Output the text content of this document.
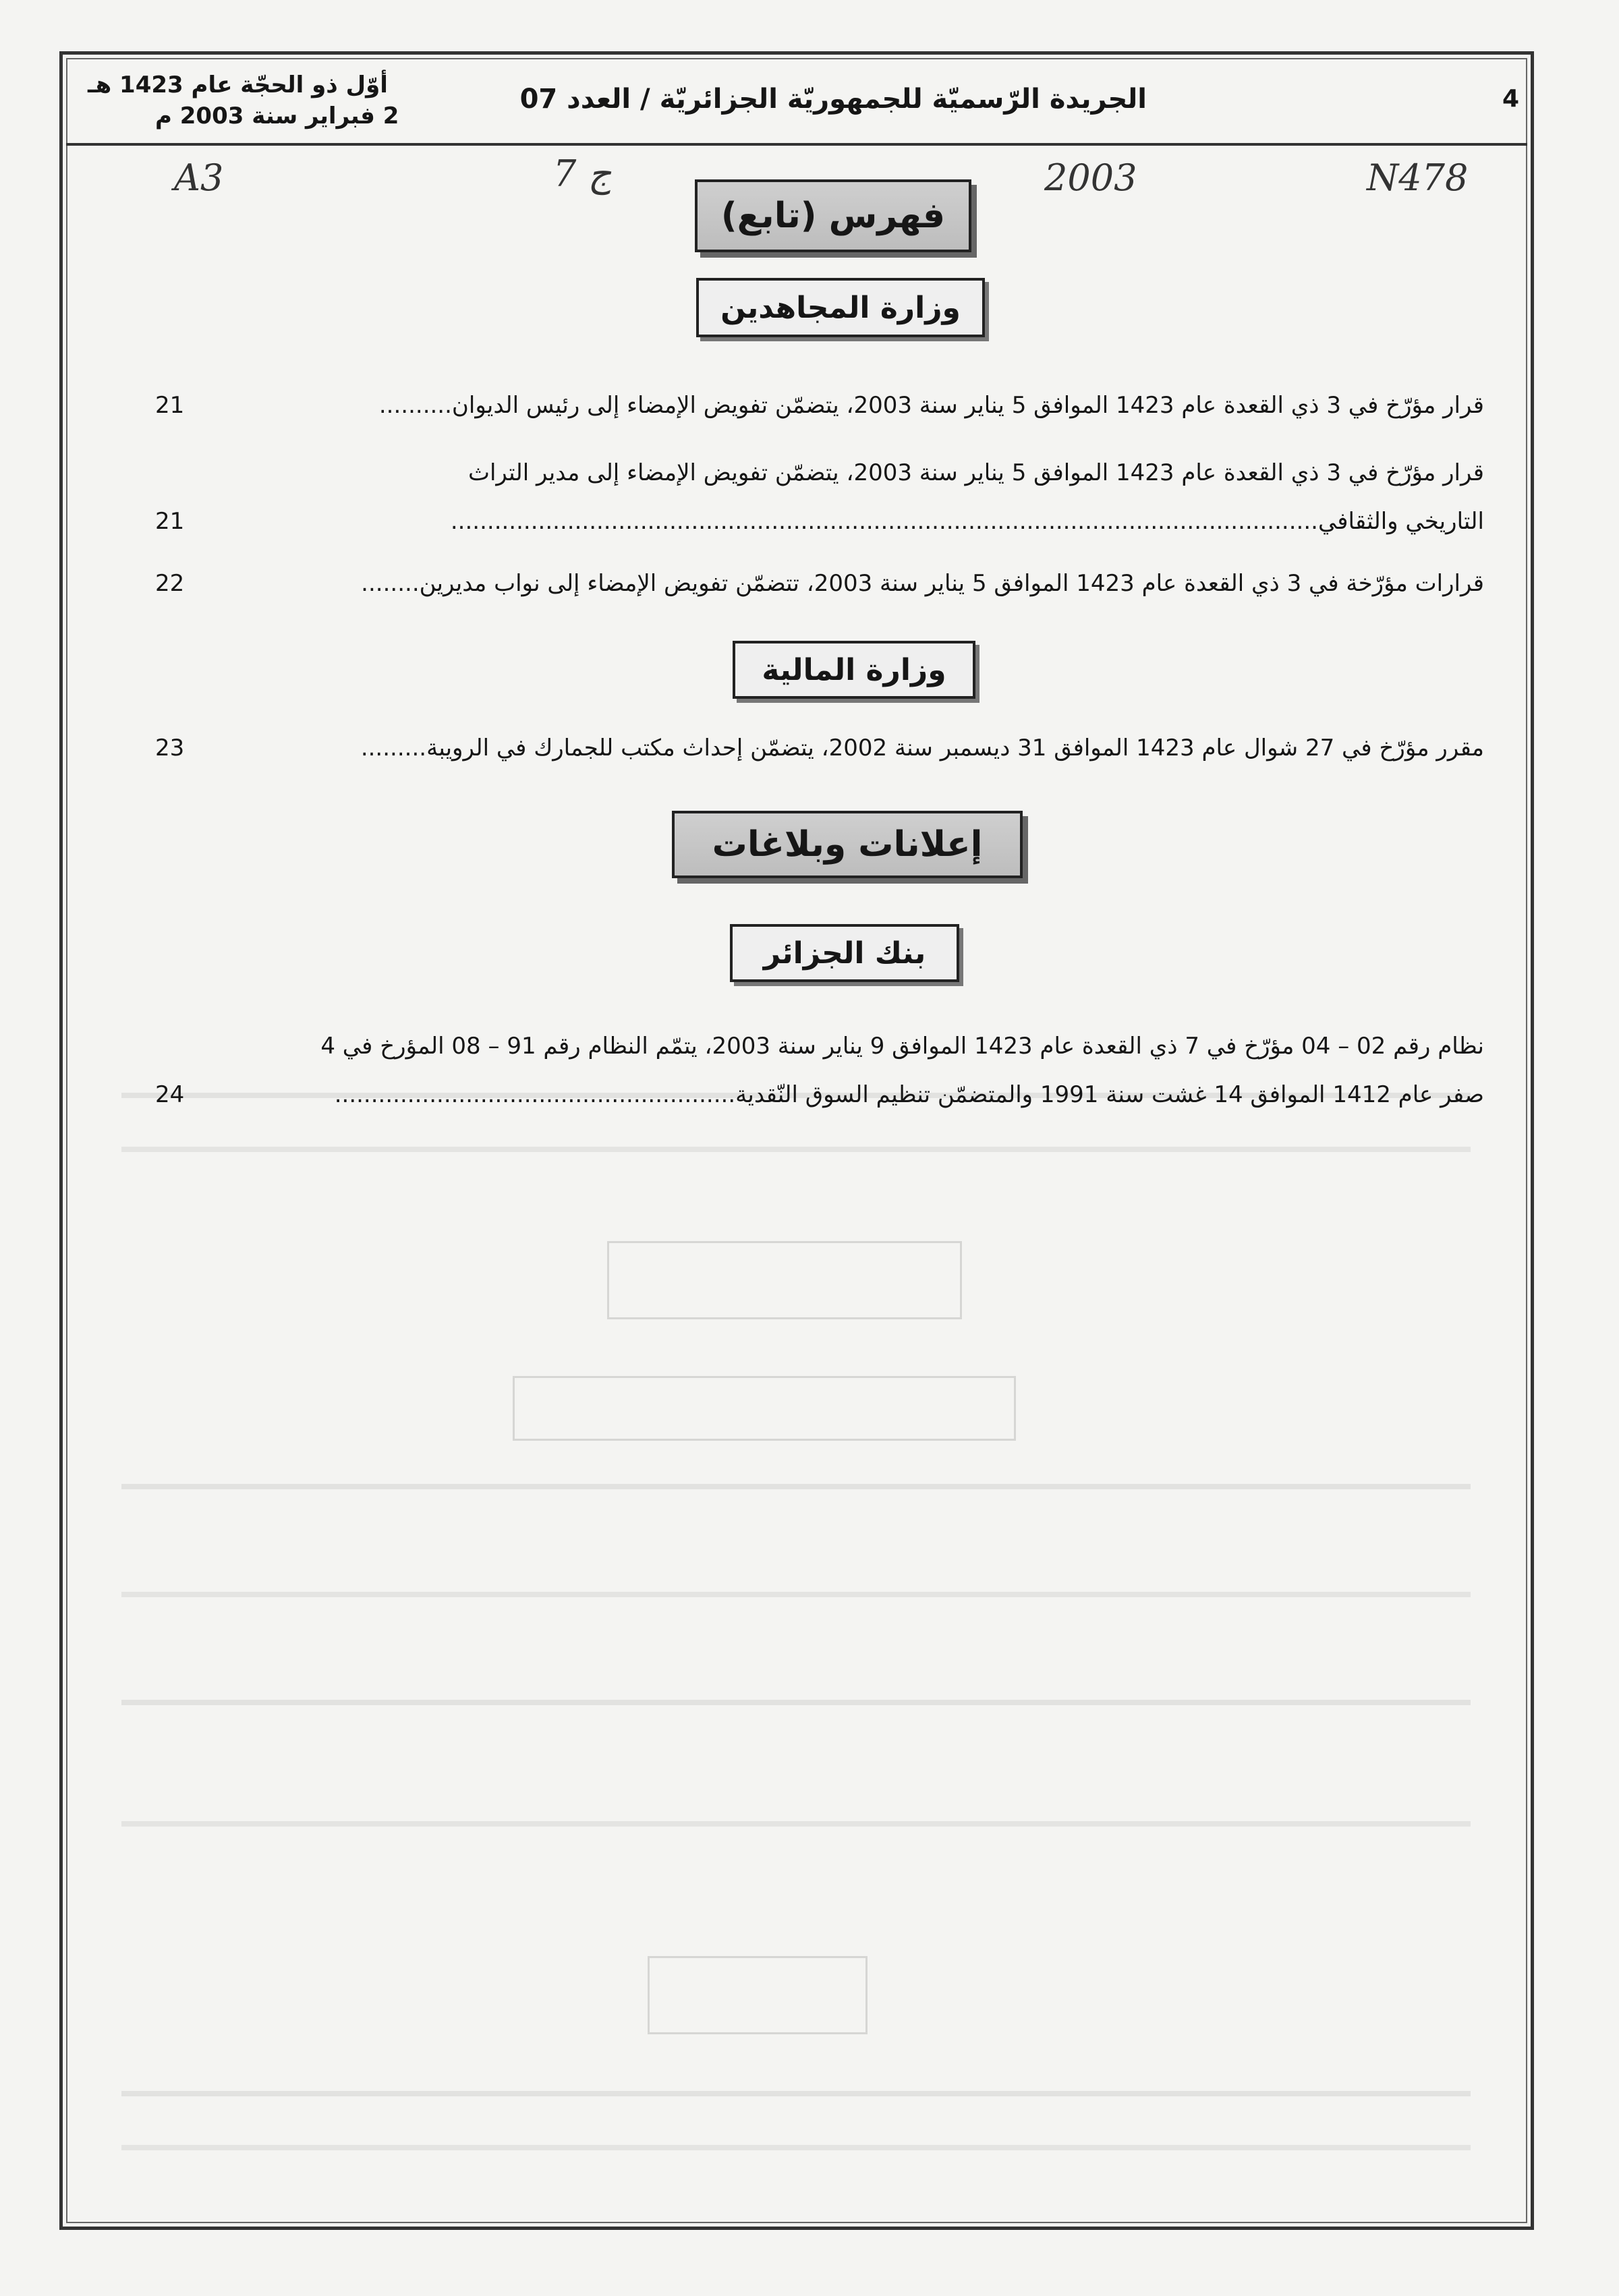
4
الجريدة الرّسميّة للجمهوريّة الجزائريّة / العدد 07
أوّل ذو الحجّة عام 1423 هـ
2 فبراير سنة 2003 م
A3	7 ج	2003	N478
فهرس (تابع)
وزارة المجاهدين
قرار مؤرّخ في 3 ذي القعدة عام 1423 الموافق 5 يناير سنة 2003، يتضمّن تفويض الإمضاء إلى رئيس الديوان..........
21
قرار مؤرّخ في 3 ذي القعدة عام 1423 الموافق 5 يناير سنة 2003، يتضمّن تفويض الإمضاء إلى مدير التراث
التاريخي والثقافي.......................................................................................................................
21
قرارات مؤرّخة في 3 ذي القعدة عام 1423 الموافق 5 يناير سنة 2003، تتضمّن تفويض الإمضاء إلى نواب مديرين........
22
وزارة المالية
مقرر مؤرّخ في 27 شوال عام 1423 الموافق 31 ديسمبر سنة 2002، يتضمّن إحداث مكتب للجمارك في الرويبة.........
23
إعلانات وبلاغات
بنك الجزائر
نظام رقم 02 – 04 مؤرّخ في 7 ذي القعدة عام 1423 الموافق 9 يناير سنة 2003، يتمّم النظام رقم 91 – 08 المؤرخ في 4
صفر عام 1412 الموافق 14 غشت سنة 1991 والمتضمّن تنظيم السوق النّقدية.......................................................
24
